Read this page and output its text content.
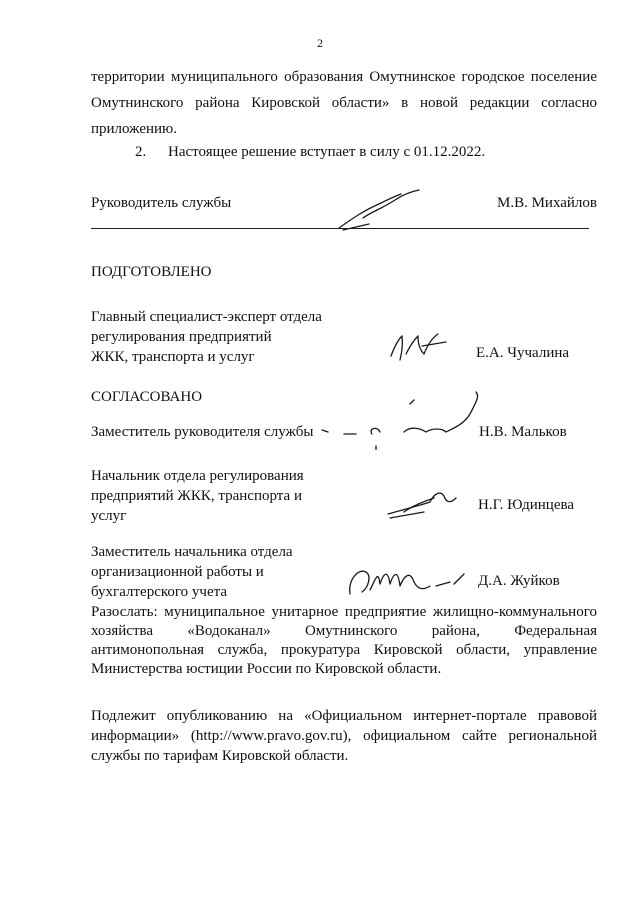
2
территории муниципального образования Омутнинское городское поселение
Омутнинского района Кировской области» в новой редакции согласно
приложению.
2. Настоящее решение вступает в силу с 01.12.2022.
Руководитель службы	М.В. Михайлов
ПОДГОТОВЛЕНО
Главный специалист-эксперт отдела
регулирования предприятий
ЖКК, транспорта и услуг	Е.А. Чучалина
СОГЛАСОВАНО
Заместитель руководителя службы	Н.В. Мальков
Начальник отдела регулирования
предприятий ЖКК, транспорта и
услуг
Н.Г. Юдинцева
Заместитель начальника отдела
организационной работы и
бухгалтерского учета
Д.А. Жуйков
Разослать: муниципальное унитарное предприятие жилищно-коммунального
хозяйства «Водоканал» Омутнинского района, Федеральная
антимонопольная служба, прокуратура Кировской области, управление
Министерства юстиции России по Кировской области.
Подлежит опубликованию на «Официальном интернет-портале правовой
информации» (http://www.pravo.gov.ru), официальном сайте региональной
службы по тарифам Кировской области.
